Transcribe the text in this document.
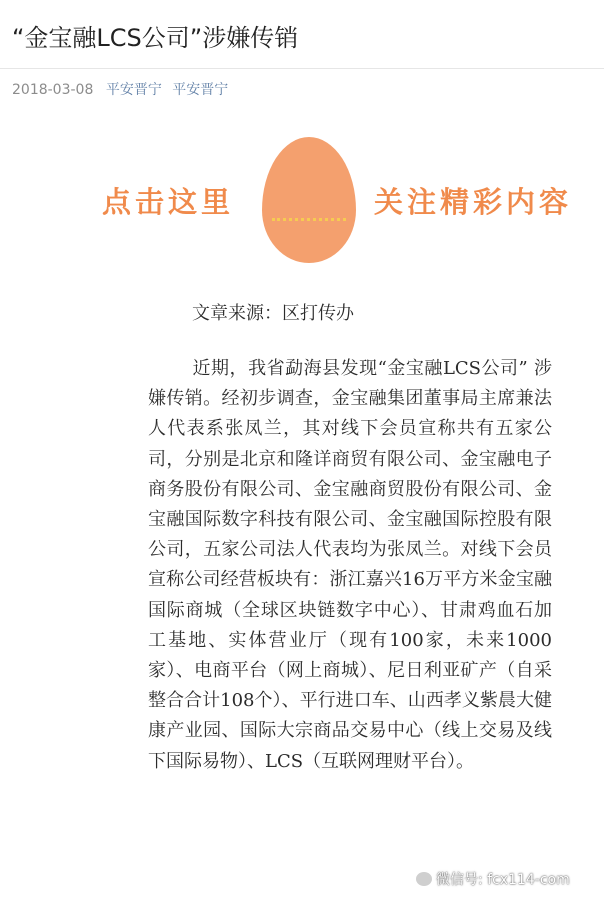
“金宝融LCS公司”涉嫌传销
2018-03-08 平安晋宁 平安晋宁
点击这里	关注精彩内容

文章来源：区打传办

近期，我省勐海县发现“金宝融LCS公司” 涉嫌传销。经初步调查，金宝融集团董事局主席兼法人代表系张凤兰，其对线下会员宣称共有五家公司，分别是北京和隆详商贸有限公司、金宝融电子商务股份有限公司、金宝融商贸股份有限公司、金宝融国际数字科技有限公司、金宝融国际控股有限公司，五家公司法人代表均为张凤兰。对线下会员宣称公司经营板块有：浙江嘉兴16万平方米金宝融国际商城（全球区块链数字中心）、甘肃鸡血石加工基地、实体营业厅（现有100家，未来1000家）、电商平台（网上商城）、尼日利亚矿产（自采整合合计108个）、平行进口车、山西孝义紫晨大健康产业园、国际大宗商品交易中心（线上交易及线下国际易物）、LCS（互联网理财平台）。

微信号: fcx114-com
